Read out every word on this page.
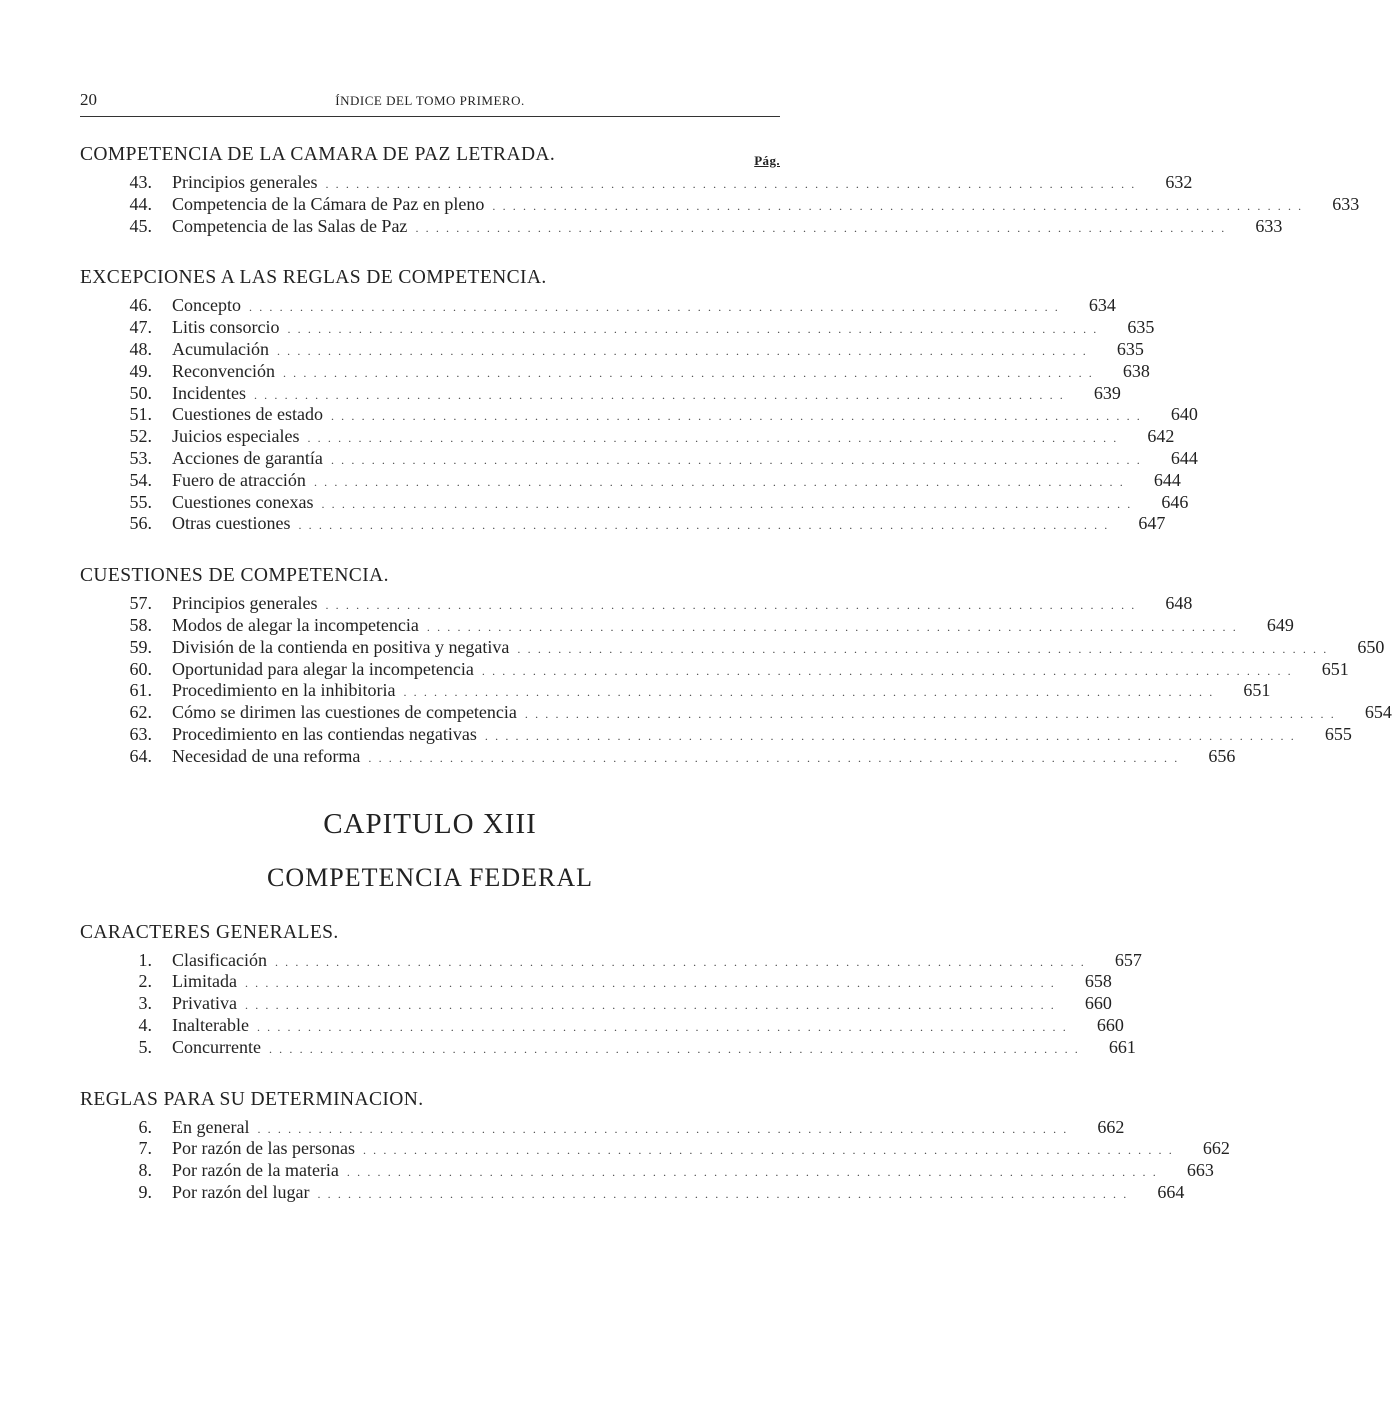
20	ÍNDICE DEL TOMO PRIMERO.
COMPETENCIA DE LA CAMARA DE PAZ LETRADA.	Pág.
43. Principios generales . . . . . . . . . . . . . . . . . . . . . . . . . . . . . . . . . . . . . . . . . . . . . . . . . . . . . . . . . . . . . . . . . . . . . . . . . . . . . . . .	632
44. Competencia de la Cámara de Paz en pleno . . . . . . . . . . . . . . . . . . . . . . . . . . . . . . . . . . . . . . . . . . . . . . . . . . . . . . . . . . . . . . . . . . . . . . . . . . . . . . . .	633
45. Competencia de las Salas de Paz . . . . . . . . . . . . . . . . . . . . . . . . . . . . . . . . . . . . . . . . . . . . . . . . . . . . . . . . . . . . . . . . . . . . . . . . . . . . . . . .	633
EXCEPCIONES A LAS REGLAS DE COMPETENCIA.
46. Concepto . . . . . . . . . . . . . . . . . . . . . . . . . . . . . . . . . . . . . . . . . . . . . . . . . . . . . . . . . . . . . . . . . . . . . . . . . . . . . . . .	634
47. Litis consorcio . . . . . . . . . . . . . . . . . . . . . . . . . . . . . . . . . . . . . . . . . . . . . . . . . . . . . . . . . . . . . . . . . . . . . . . . . . . . . . . .	635
48. Acumulación . . . . . . . . . . . . . . . . . . . . . . . . . . . . . . . . . . . . . . . . . . . . . . . . . . . . . . . . . . . . . . . . . . . . . . . . . . . . . . . .	635
49. Reconvención . . . . . . . . . . . . . . . . . . . . . . . . . . . . . . . . . . . . . . . . . . . . . . . . . . . . . . . . . . . . . . . . . . . . . . . . . . . . . . . .	638
50. Incidentes . . . . . . . . . . . . . . . . . . . . . . . . . . . . . . . . . . . . . . . . . . . . . . . . . . . . . . . . . . . . . . . . . . . . . . . . . . . . . . . .	639
51. Cuestiones de estado . . . . . . . . . . . . . . . . . . . . . . . . . . . . . . . . . . . . . . . . . . . . . . . . . . . . . . . . . . . . . . . . . . . . . . . . . . . . . . . .	640
52. Juicios especiales . . . . . . . . . . . . . . . . . . . . . . . . . . . . . . . . . . . . . . . . . . . . . . . . . . . . . . . . . . . . . . . . . . . . . . . . . . . . . . . .	642
53. Acciones de garantía . . . . . . . . . . . . . . . . . . . . . . . . . . . . . . . . . . . . . . . . . . . . . . . . . . . . . . . . . . . . . . . . . . . . . . . . . . . . . . . .	644
54. Fuero de atracción . . . . . . . . . . . . . . . . . . . . . . . . . . . . . . . . . . . . . . . . . . . . . . . . . . . . . . . . . . . . . . . . . . . . . . . . . . . . . . . .	644
55. Cuestiones conexas . . . . . . . . . . . . . . . . . . . . . . . . . . . . . . . . . . . . . . . . . . . . . . . . . . . . . . . . . . . . . . . . . . . . . . . . . . . . . . . .	646
56. Otras cuestiones . . . . . . . . . . . . . . . . . . . . . . . . . . . . . . . . . . . . . . . . . . . . . . . . . . . . . . . . . . . . . . . . . . . . . . . . . . . . . . . .	647
CUESTIONES DE COMPETENCIA.
57. Principios generales . . . . . . . . . . . . . . . . . . . . . . . . . . . . . . . . . . . . . . . . . . . . . . . . . . . . . . . . . . . . . . . . . . . . . . . . . . . . . . . .	648
58. Modos de alegar la incompetencia . . . . . . . . . . . . . . . . . . . . . . . . . . . . . . . . . . . . . . . . . . . . . . . . . . . . . . . . . . . . . . . . . . . . . . . . . . . . . . . .	649
59. División de la contienda en positiva y negativa . . . . . . . . . . . . . . . . . . . . . . . . . . . . . . . . . . . . . . . . . . . . . . . . . . . . . . . . . . . . . . . . . . . . . . . . . . . . . . . .	650
60. Oportunidad para alegar la incompetencia . . . . . . . . . . . . . . . . . . . . . . . . . . . . . . . . . . . . . . . . . . . . . . . . . . . . . . . . . . . . . . . . . . . . . . . . . . . . . . . .	651
61. Procedimiento en la inhibitoria . . . . . . . . . . . . . . . . . . . . . . . . . . . . . . . . . . . . . . . . . . . . . . . . . . . . . . . . . . . . . . . . . . . . . . . . . . . . . . . .	651
62. Cómo se dirimen las cuestiones de competencia . . . . . . . . . . . . . . . . . . . . . . . . . . . . . . . . . . . . . . . . . . . . . . . . . . . . . . . . . . . . . . . . . . . . . . . . . . . . . . . .	654
63. Procedimiento en las contiendas negativas . . . . . . . . . . . . . . . . . . . . . . . . . . . . . . . . . . . . . . . . . . . . . . . . . . . . . . . . . . . . . . . . . . . . . . . . . . . . . . . .	655
64. Necesidad de una reforma . . . . . . . . . . . . . . . . . . . . . . . . . . . . . . . . . . . . . . . . . . . . . . . . . . . . . . . . . . . . . . . . . . . . . . . . . . . . . . . .	656
CAPITULO XIII
COMPETENCIA FEDERAL
CARACTERES GENERALES.
1. Clasificación . . . . . . . . . . . . . . . . . . . . . . . . . . . . . . . . . . . . . . . . . . . . . . . . . . . . . . . . . . . . . . . . . . . . . . . . . . . . . . . .	657
2. Limitada . . . . . . . . . . . . . . . . . . . . . . . . . . . . . . . . . . . . . . . . . . . . . . . . . . . . . . . . . . . . . . . . . . . . . . . . . . . . . . . .	658
3. Privativa . . . . . . . . . . . . . . . . . . . . . . . . . . . . . . . . . . . . . . . . . . . . . . . . . . . . . . . . . . . . . . . . . . . . . . . . . . . . . . . .	660
4. Inalterable . . . . . . . . . . . . . . . . . . . . . . . . . . . . . . . . . . . . . . . . . . . . . . . . . . . . . . . . . . . . . . . . . . . . . . . . . . . . . . . .	660
5. Concurrente . . . . . . . . . . . . . . . . . . . . . . . . . . . . . . . . . . . . . . . . . . . . . . . . . . . . . . . . . . . . . . . . . . . . . . . . . . . . . . . .	661
REGLAS PARA SU DETERMINACION.
6. En general . . . . . . . . . . . . . . . . . . . . . . . . . . . . . . . . . . . . . . . . . . . . . . . . . . . . . . . . . . . . . . . . . . . . . . . . . . . . . . . .	662
7. Por razón de las personas . . . . . . . . . . . . . . . . . . . . . . . . . . . . . . . . . . . . . . . . . . . . . . . . . . . . . . . . . . . . . . . . . . . . . . . . . . . . . . . .	662
8. Por razón de la materia . . . . . . . . . . . . . . . . . . . . . . . . . . . . . . . . . . . . . . . . . . . . . . . . . . . . . . . . . . . . . . . . . . . . . . . . . . . . . . . .	663
9. Por razón del lugar . . . . . . . . . . . . . . . . . . . . . . . . . . . . . . . . . . . . . . . . . . . . . . . . . . . . . . . . . . . . . . . . . . . . . . . . . . . . . . . .	664
